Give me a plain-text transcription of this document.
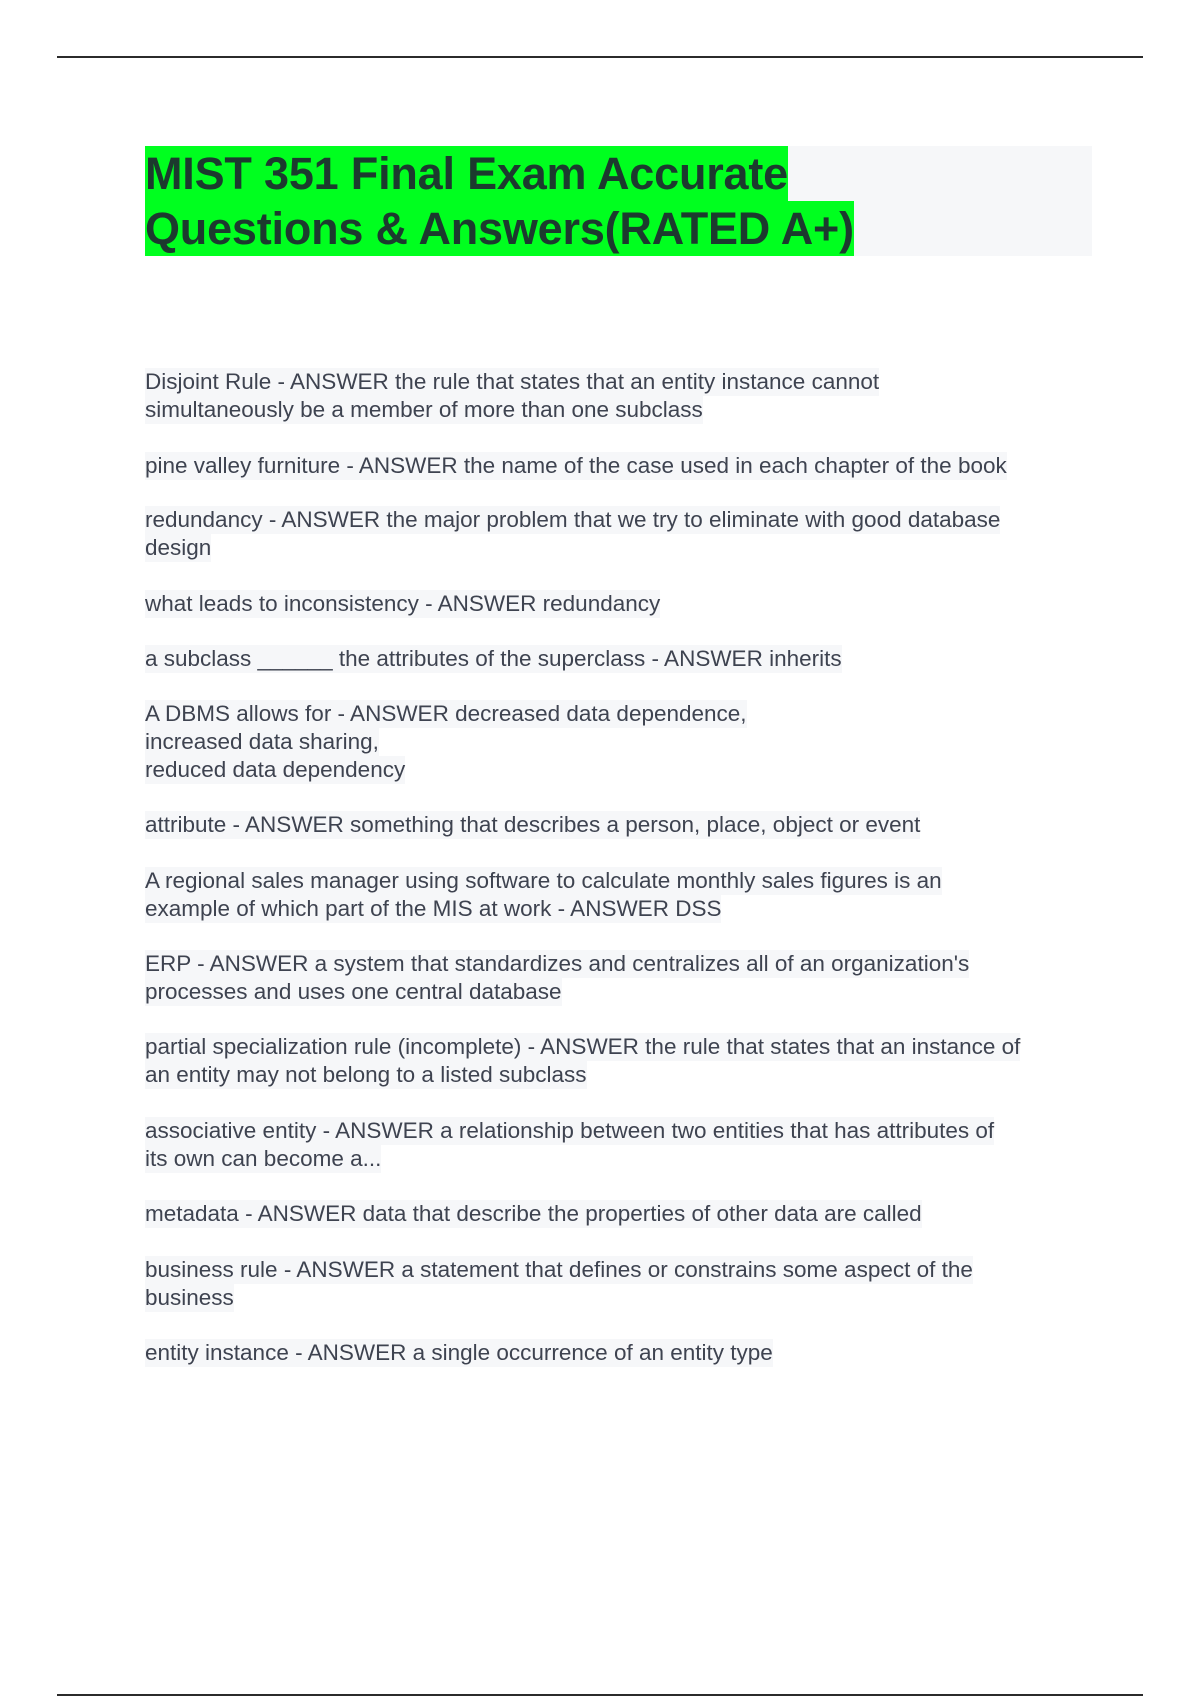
MIST 351 Final Exam Accurate
Questions & Answers(RATED A+)
Disjoint Rule - ANSWER the rule that states that an entity instance cannot
simultaneously be a member of more than one subclass
pine valley furniture - ANSWER the name of the case used in each chapter of the book
redundancy - ANSWER the major problem that we try to eliminate with good database
design
what leads to inconsistency - ANSWER redundancy
a subclass ______ the attributes of the superclass - ANSWER inherits
A DBMS allows for - ANSWER decreased data dependence,
increased data sharing,
reduced data dependency
attribute - ANSWER something that describes a person, place, object or event
A regional sales manager using software to calculate monthly sales figures is an
example of which part of the MIS at work - ANSWER DSS
ERP - ANSWER a system that standardizes and centralizes all of an organization's
processes and uses one central database
partial specialization rule (incomplete) - ANSWER the rule that states that an instance of
an entity may not belong to a listed subclass
associative entity - ANSWER a relationship between two entities that has attributes of
its own can become a...
metadata - ANSWER data that describe the properties of other data are called
business rule - ANSWER a statement that defines or constrains some aspect of the
business
entity instance - ANSWER a single occurrence of an entity type
